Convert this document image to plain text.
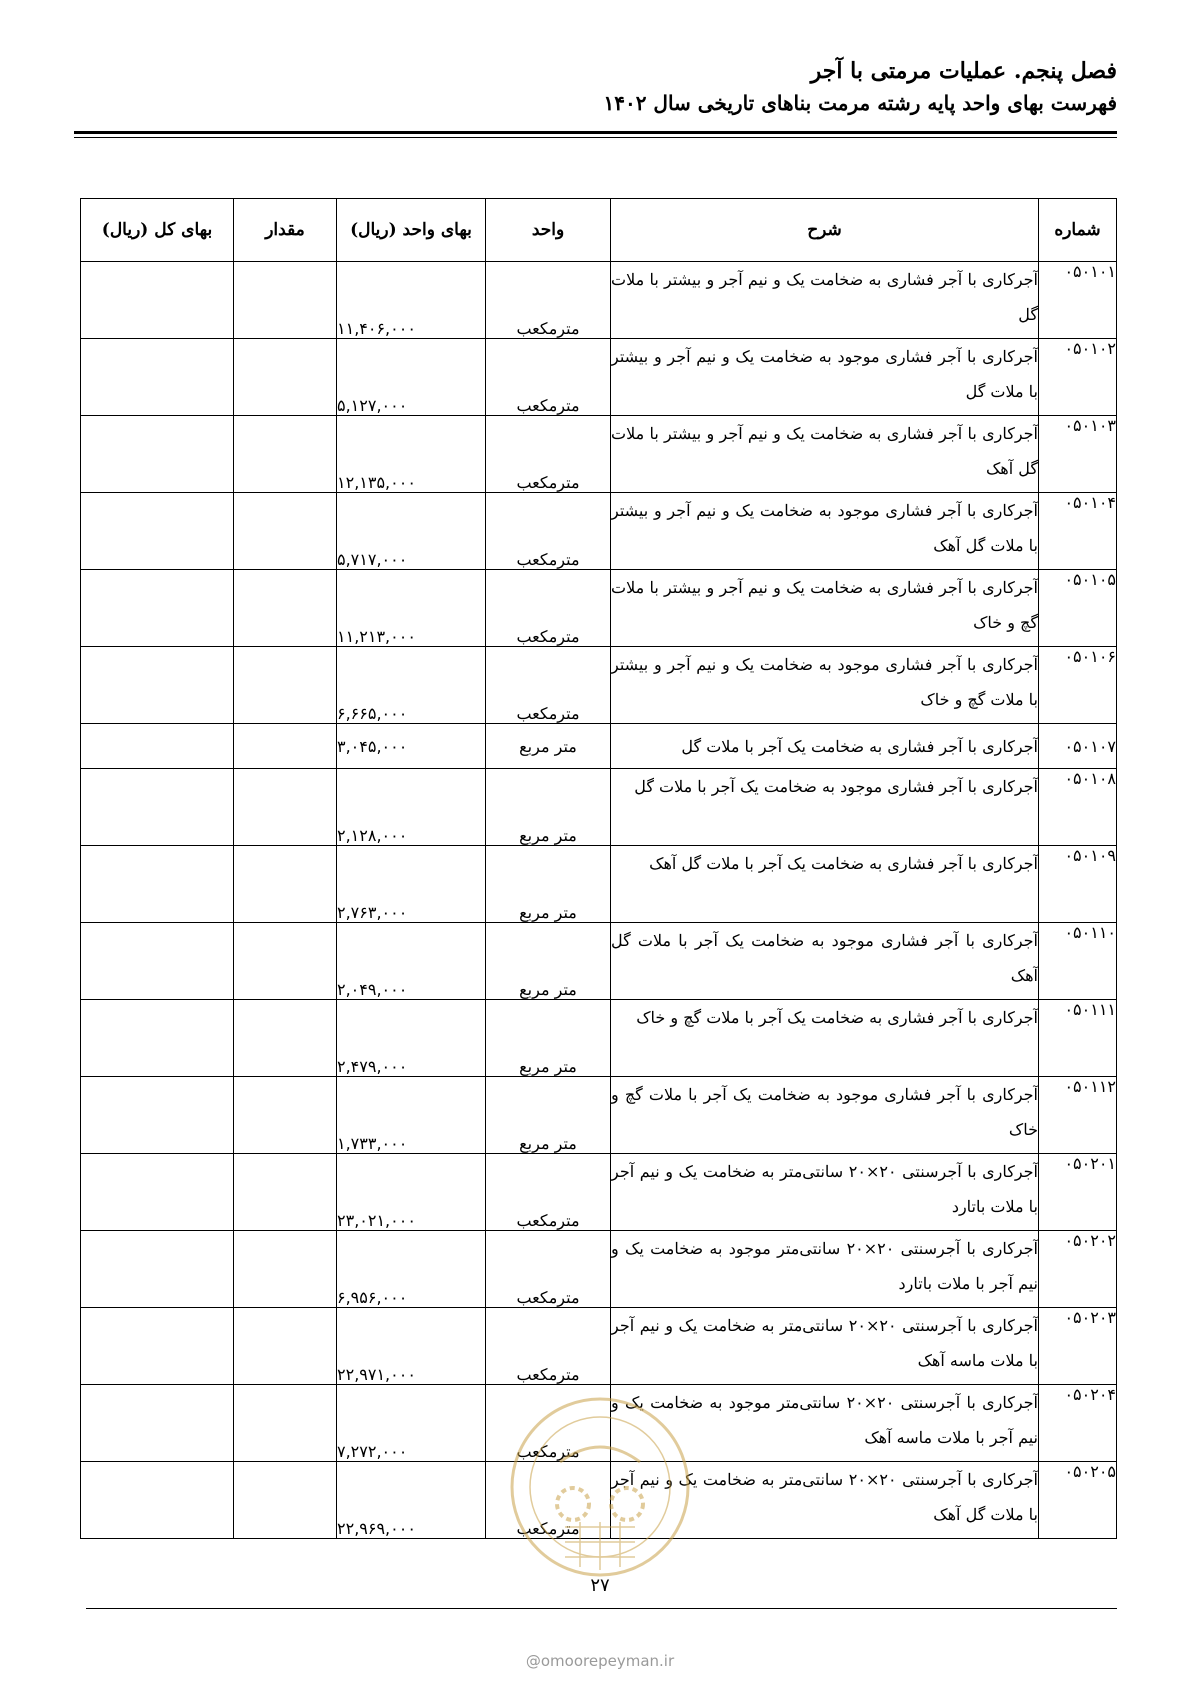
فصل پنجم. عملیات مرمتی با آجر
فهرست بهای واحد پایه رشته مرمت بناهای تاریخی سال ۱۴۰۲
شماره	شرح	واحد	بهای واحد (ریال)	مقدار	بهای کل (ریال)
۰۵۰۱۰۱	آجرکاری با آجر فشاری به ضخامت یک و نیم آجر و بیشتر با ملات گل	مترمکعب	۱۱,۴۰۶,۰۰۰		
۰۵۰۱۰۲	آجرکاری با آجر فشاری موجود به ضخامت یک و نیم آجر و بیشتر با ملات گل	مترمکعب	۵,۱۲۷,۰۰۰		
۰۵۰۱۰۳	آجرکاری با آجر فشاری به ضخامت یک و نیم آجر و بیشتر با ملات گل آهک	مترمکعب	۱۲,۱۳۵,۰۰۰		
۰۵۰۱۰۴	آجرکاری با آجر فشاری موجود به ضخامت یک و نیم آجر و بیشتر با ملات گل آهک	مترمکعب	۵,۷۱۷,۰۰۰		
۰۵۰۱۰۵	آجرکاری با آجر فشاری به ضخامت یک و نیم آجر و بیشتر با ملات گچ و خاک	مترمکعب	۱۱,۲۱۳,۰۰۰		
۰۵۰۱۰۶	آجرکاری با آجر فشاری موجود به ضخامت یک و نیم آجر و بیشتر با ملات گچ و خاک	مترمکعب	۶,۶۶۵,۰۰۰		
۰۵۰۱۰۷	آجرکاری با آجر فشاری به ضخامت یک آجر با ملات گل	متر مربع	۳,۰۴۵,۰۰۰		
۰۵۰۱۰۸	آجرکاری با آجر فشاری موجود به ضخامت یک آجر با ملات گل	متر مربع	۲,۱۲۸,۰۰۰		
۰۵۰۱۰۹	آجرکاری با آجر فشاری به ضخامت یک آجر با ملات گل آهک	متر مربع	۲,۷۶۳,۰۰۰		
۰۵۰۱۱۰	آجرکاری با آجر فشاری موجود به ضخامت یک آجر با ملات گل آهک	متر مربع	۲,۰۴۹,۰۰۰		
۰۵۰۱۱۱	آجرکاری با آجر فشاری به ضخامت یک آجر با ملات گچ و خاک	متر مربع	۲,۴۷۹,۰۰۰		
۰۵۰۱۱۲	آجرکاری با آجر فشاری موجود به ضخامت یک آجر با ملات گچ و خاک	متر مربع	۱,۷۳۳,۰۰۰		
۰۵۰۲۰۱	آجرکاری با آجرسنتی ۲۰×۲۰ سانتی‌متر به ضخامت یک و نیم آجر با ملات باتارد	مترمکعب	۲۳,۰۲۱,۰۰۰		
۰۵۰۲۰۲	آجرکاری با آجرسنتی ۲۰×۲۰ سانتی‌متر موجود به ضخامت یک و نیم آجر با ملات باتارد	مترمکعب	۶,۹۵۶,۰۰۰		
۰۵۰۲۰۳	آجرکاری با آجرسنتی ۲۰×۲۰ سانتی‌متر به ضخامت یک و نیم آجر با ملات ماسه آهک	مترمکعب	۲۲,۹۷۱,۰۰۰		
۰۵۰۲۰۴	آجرکاری با آجرسنتی ۲۰×۲۰ سانتی‌متر موجود به ضخامت یک و نیم آجر با ملات ماسه آهک	مترمکعب	۷,۲۷۲,۰۰۰		
۰۵۰۲۰۵	آجرکاری با آجرسنتی ۲۰×۲۰ سانتی‌متر به ضخامت یک و نیم آجر با ملات گل آهک	مترمکعب	۲۲,۹۶۹,۰۰۰		
۲۷
@omoorepeyman.ir
